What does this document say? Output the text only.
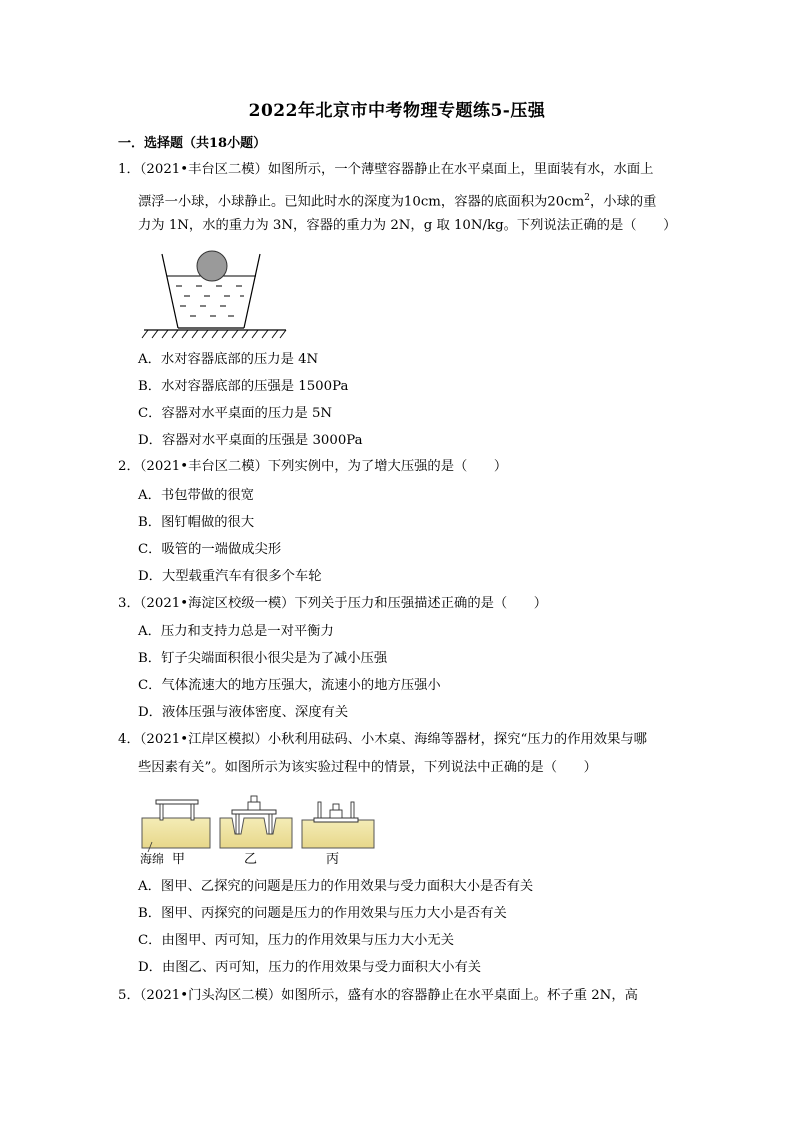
2022年北京市中考物理专题练5-压强
一．选择题（共18小题）
1．（2021•丰台区二模）如图所示，一个薄壁容器静止在水平桌面上，里面装有水，水面上
漂浮一小球，小球静止。已知此时水的深度为10cm，容器的底面积为$20cm^2$，小球的重
力为 1N，水的重力为 3N，容器的重力为 2N，g 取 10N/kg。下列说法正确的是（　　）
A．水对容器底部的压力是 4N
B．水对容器底部的压强是 1500Pa
C．容器对水平桌面的压力是 5N
D．容器对水平桌面的压强是 3000Pa
2．（2021•丰台区二模）下列实例中，为了增大压强的是（　　）
A．书包带做的很宽
B．图钉帽做的很大
C．吸管的一端做成尖形
D．大型载重汽车有很多个车轮
3．（2021•海淀区校级一模）下列关于压力和压强描述正确的是（　　）
A．压力和支持力总是一对平衡力
B．钉子尖端面积很小很尖是为了减小压强
C．气体流速大的地方压强大，流速小的地方压强小
D．液体压强与液体密度、深度有关
4．（2021•江岸区模拟）小秋利用砝码、小木桌、海绵等器材，探究“压力的作用效果与哪
些因素有关”。如图所示为该实验过程中的情景，下列说法中正确的是（　　）
海绵 甲	乙	丙
A．图甲、乙探究的问题是压力的作用效果与受力面积大小是否有关
B．图甲、丙探究的问题是压力的作用效果与压力大小是否有关
C．由图甲、丙可知，压力的作用效果与压力大小无关
D．由图乙、丙可知，压力的作用效果与受力面积大小有关
5．（2021•门头沟区二模）如图所示，盛有水的容器静止在水平桌面上。杯子重 2N，高
